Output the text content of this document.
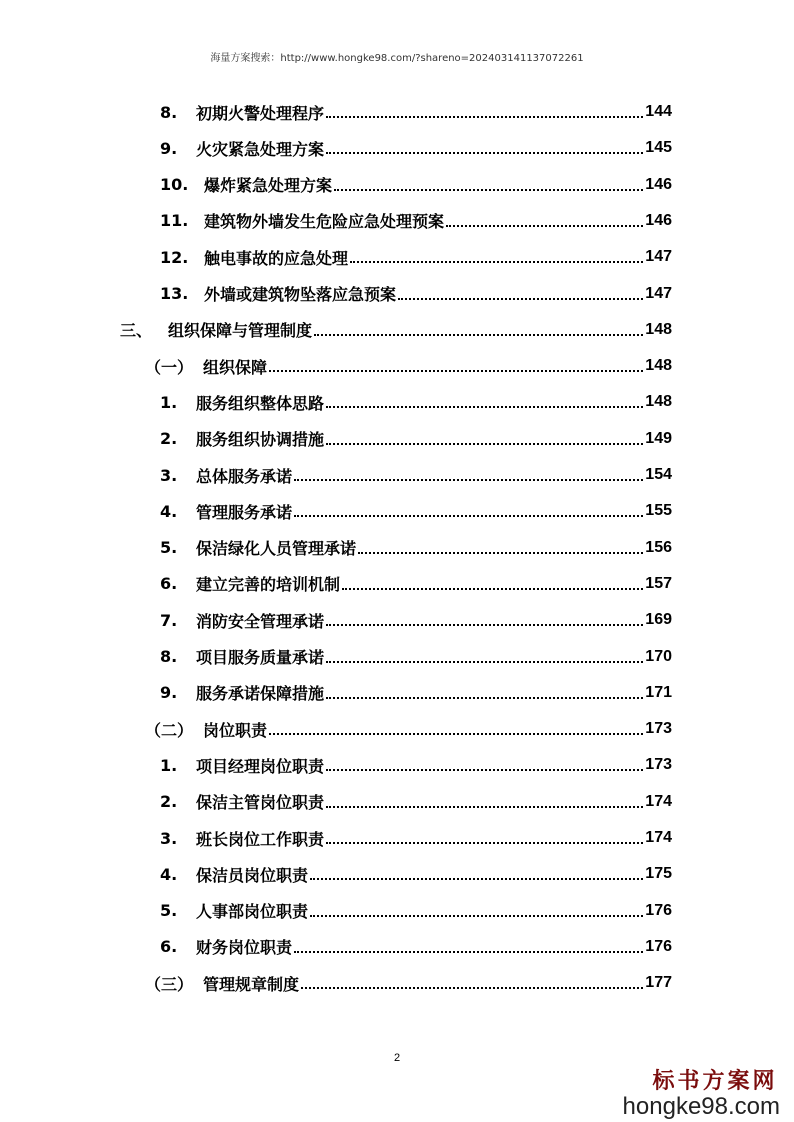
海量方案搜索：http://www.hongke98.com/?shareno=202403141137072261
8.	初期火警处理程序	144
9.	火灾紧急处理方案	145
10. 爆炸紧急处理方案	146
11. 建筑物外墙发生危险应急处理预案	146
12. 触电事故的应急处理	147
13. 外墙或建筑物坠落应急预案	147
三、 组织保障与管理制度	148
（一） 组织保障	148
1.	服务组织整体思路	148
2.	服务组织协调措施	149
3.	总体服务承诺	154
4.	管理服务承诺	155
5.	保洁绿化人员管理承诺	156
6.	建立完善的培训机制	157
7.	消防安全管理承诺	169
8.	项目服务质量承诺	170
9.	服务承诺保障措施	171
（二） 岗位职责	173
1.	项目经理岗位职责	173
2.	保洁主管岗位职责	174
3.	班长岗位工作职责	174
4.	保洁员岗位职责	175
5.	人事部岗位职责	176
6.	财务岗位职责	176
（三） 管理规章制度	177
2
标书方案网
hongke98.com
